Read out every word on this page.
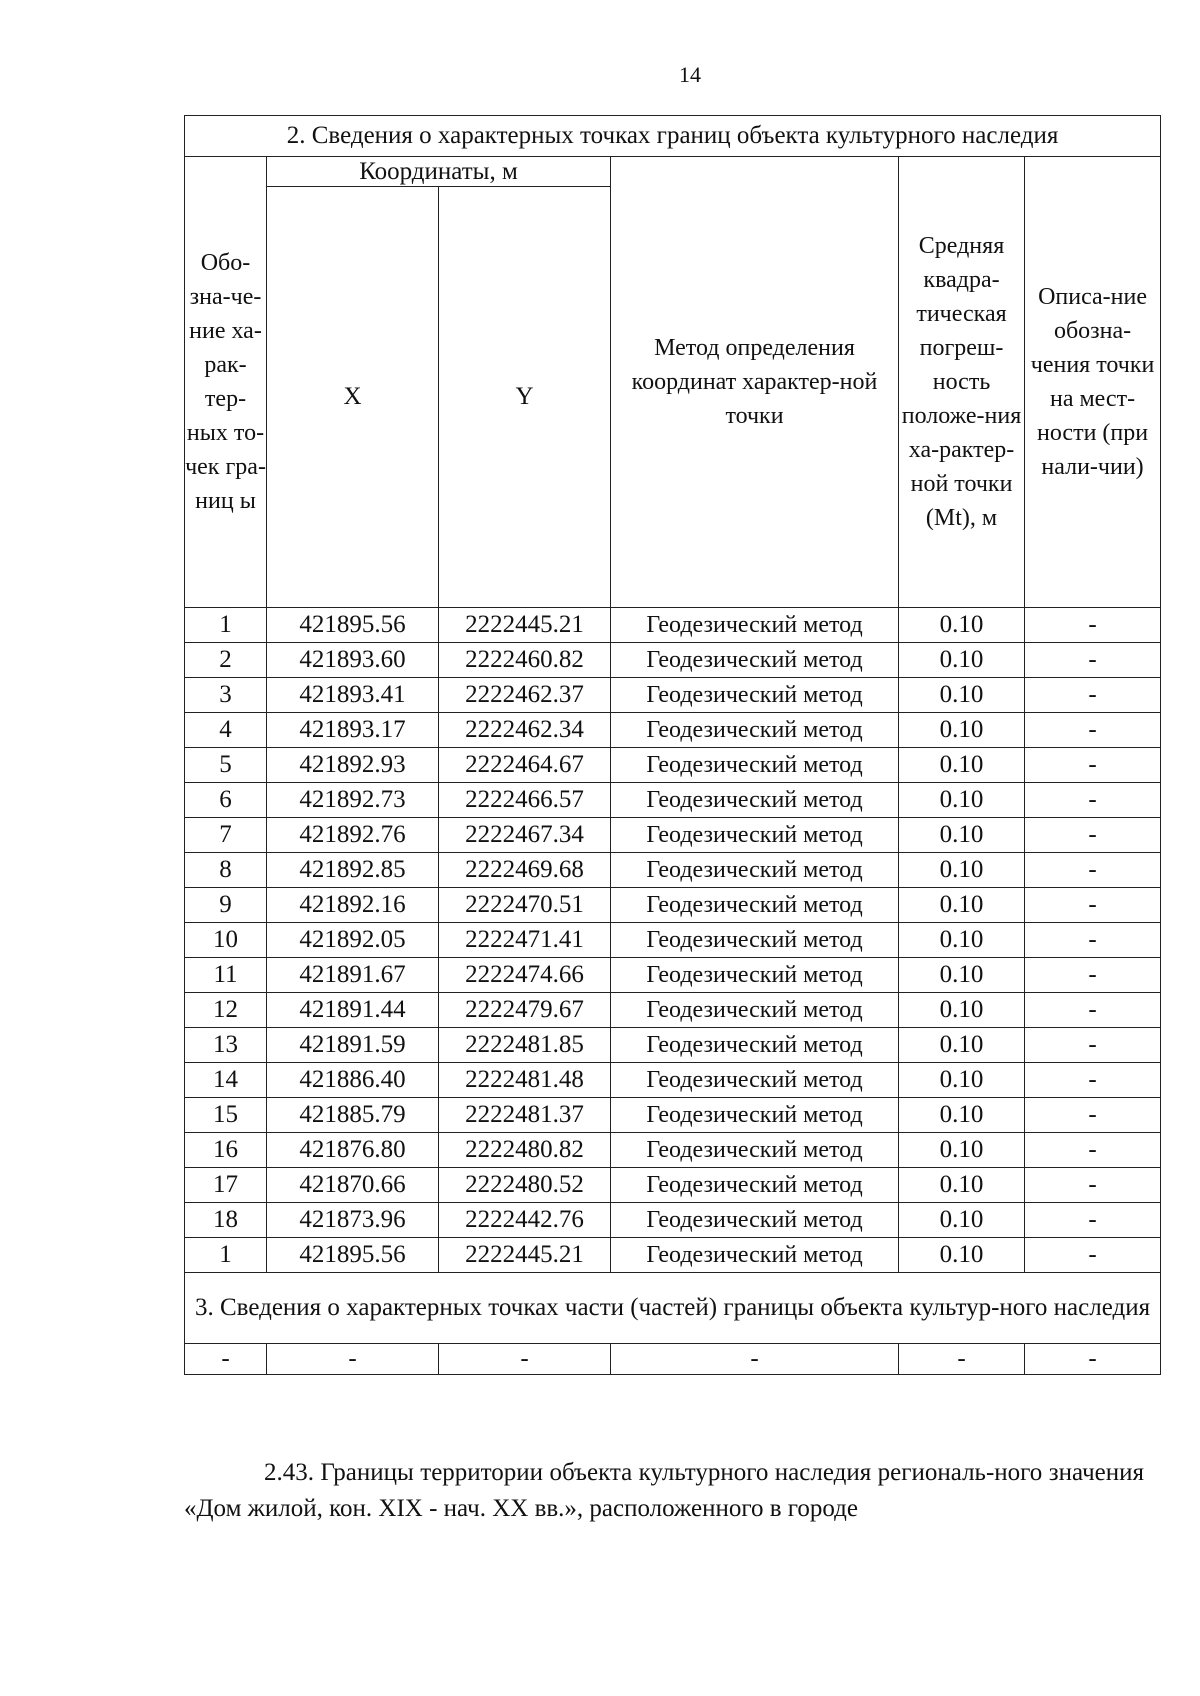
14
2. Сведения о характерных точках границ объекта культурного наследия					
Обо-зна-че-ние ха-рак-тер-ных то-чек гра-ниц ы	Координаты, м		Метод определения координат характер-ной точки	Средняя квадра-тическая погреш-ность положе-ния ха-рактер-ной точки (Mt), м	Описа-ние обозна-чения точки на мест-ности (при нали-чии)
	X	Y			
1	421895.56	2222445.21	Геодезический метод	0.10	-
2	421893.60	2222460.82	Геодезический метод	0.10	-
3	421893.41	2222462.37	Геодезический метод	0.10	-
4	421893.17	2222462.34	Геодезический метод	0.10	-
5	421892.93	2222464.67	Геодезический метод	0.10	-
6	421892.73	2222466.57	Геодезический метод	0.10	-
7	421892.76	2222467.34	Геодезический метод	0.10	-
8	421892.85	2222469.68	Геодезический метод	0.10	-
9	421892.16	2222470.51	Геодезический метод	0.10	-
10	421892.05	2222471.41	Геодезический метод	0.10	-
11	421891.67	2222474.66	Геодезический метод	0.10	-
12	421891.44	2222479.67	Геодезический метод	0.10	-
13	421891.59	2222481.85	Геодезический метод	0.10	-
14	421886.40	2222481.48	Геодезический метод	0.10	-
15	421885.79	2222481.37	Геодезический метод	0.10	-
16	421876.80	2222480.82	Геодезический метод	0.10	-
17	421870.66	2222480.52	Геодезический метод	0.10	-
18	421873.96	2222442.76	Геодезический метод	0.10	-
1	421895.56	2222445.21	Геодезический метод	0.10	-
3. Сведения о характерных точках части (частей) границы объекта культур-ного наследия					
-	-	-	-	-	-

2.43. Границы территории объекта культурного наследия региональ-ного значения «Дом жилой, кон. XIX - нач. XX вв.», расположенного в городе
